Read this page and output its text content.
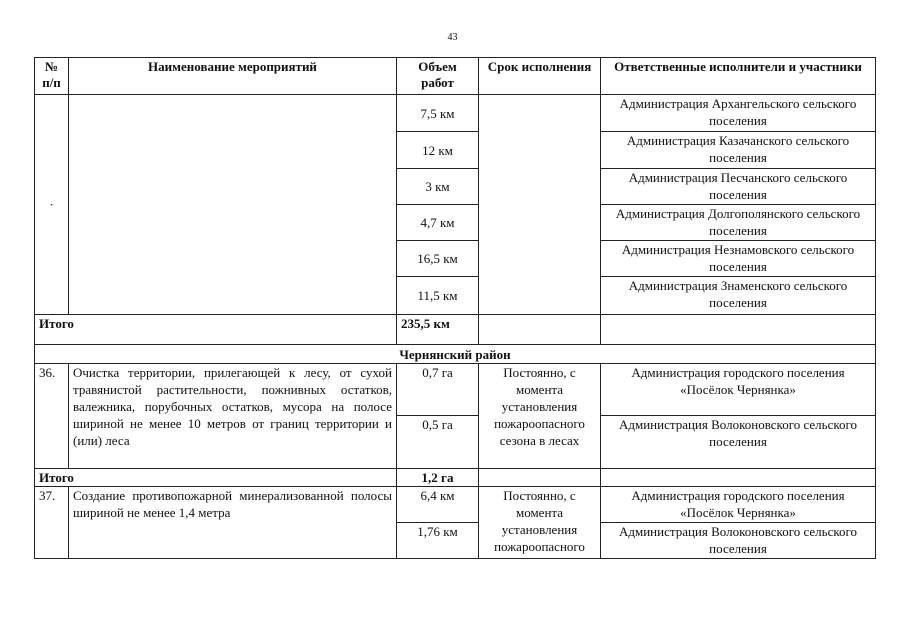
43
№ п/п	Наименование мероприятий	Объем работ	Срок исполнения	Ответственные исполнители и участники
·		7,5 км		Администрация Архангельского сельского поселения
		12 км		Администрация Казачанского сельского поселения
		3 км		Администрация Песчанского сельского поселения
		4,7 км		Администрация Долгополянского сельского поселения
		16,5 км		Администрация Незнамовского сельского поселения
		11,5 км		Администрация Знаменского сельского поселения
Итого		235,5 км		
Чернянский район				
36.	Очистка территории, прилегающей к лесу, от сухой травянистой растительности, пожнивных остатков, валежника, порубочных остатков, мусора на полосе шириной не менее 10 метров от границ территории и (или) леса	0,7 га	Постоянно, с момента установления пожароопасного сезона в лесах	Администрация городского поселения «Посёлок Чернянка»
		0,5 га		Администрация Волоконовского сельского поселения
Итого		1,2 га		
37.	Создание противопожарной минерализованной полосы шириной не менее 1,4 метра	6,4 км	Постоянно, с момента установления пожароопасного	Администрация городского поселения «Посёлок Чернянка»
		1,76 км		Администрация Волоконовского сельского поселения
